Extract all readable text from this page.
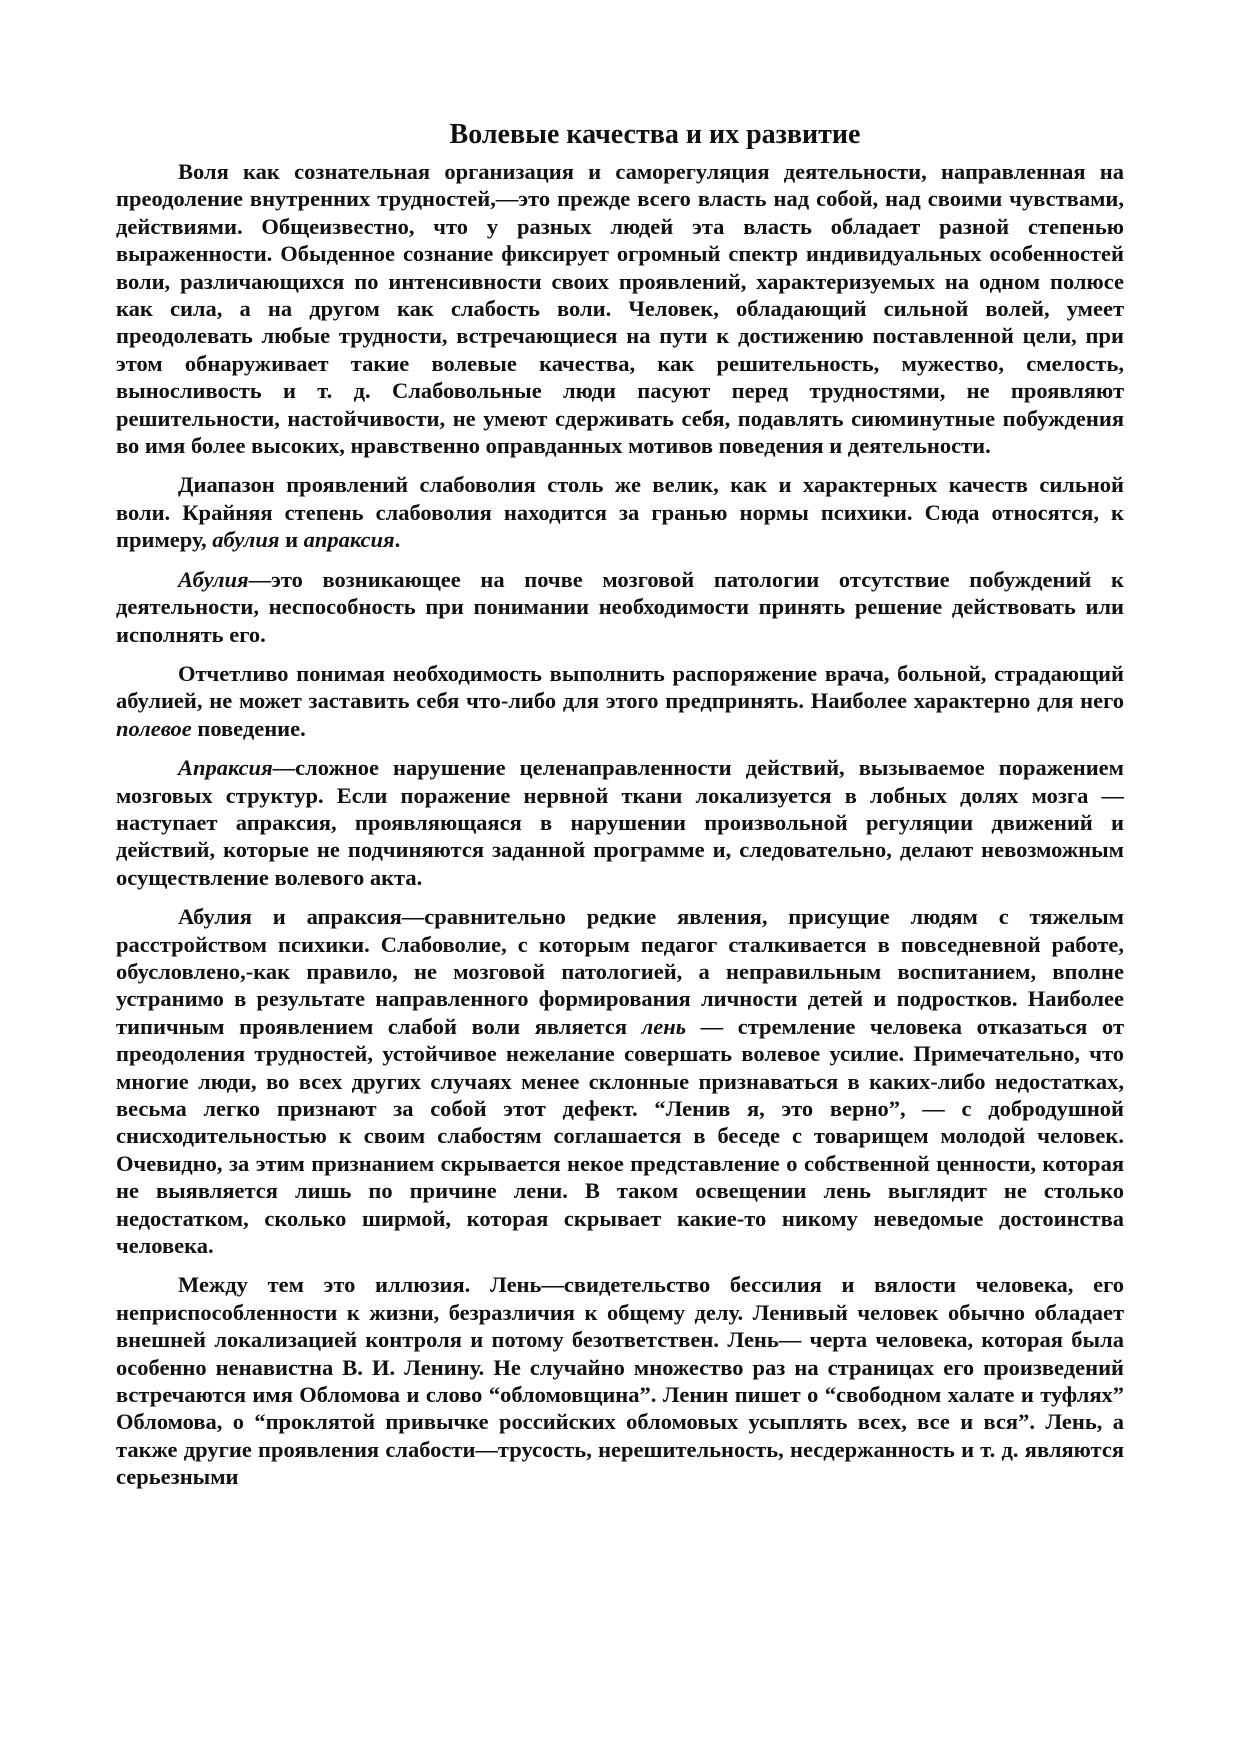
Волевые качества и их развитие

Воля как сознательная организация и саморегуляция деятельности, направленная на преодоление внутренних трудностей,—это прежде всего власть над собой, над своими чувствами, действиями. Общеизвестно, что у разных людей эта власть обладает разной степенью выраженности. Обыденное сознание фиксирует огромный спектр индивидуальных особенностей воли, различающихся по интенсивности своих проявлений, характеризуемых на одном полюсе как сила, а на другом как слабость воли. Человек, обладающий сильной волей, умеет преодолевать любые трудности, встречающиеся на пути к достижению поставленной цели, при этом обнаруживает такие волевые качества, как решительность, мужество, смелость, выносливость и т. д. Слабовольные люди пасуют перед трудностями, не проявляют решительности, настойчивости, не умеют сдерживать себя, подавлять сиюминутные побуждения во имя более высоких, нравственно оправданных мотивов поведения и деятельности.

Диапазон проявлений слабоволия столь же велик, как и характерных качеств сильной воли. Крайняя степень слабоволия находится за гранью нормы психики. Сюда относятся, к примеру, абулия и апраксия.

Абулия—это возникающее на почве мозговой патологии отсутствие побуждений к деятельности, неспособность при понимании необходимости принять решение действовать или исполнять его.

Отчетливо понимая необходимость выполнить распоряжение врача, больной, страдающий абулией, не может заставить себя что-либо для этого предпринять. Наиболее характерно для него полевое поведение.

Апраксия—сложное нарушение целенаправленности действий, вызываемое поражением мозговых структур. Если поражение нервной ткани локализуется в лобных долях мозга — наступает апраксия, проявляющаяся в нарушении произвольной регуляции движений и действий, которые не подчиняются заданной программе и, следовательно, делают невозможным осуществление волевого акта.

Абулия и апраксия—сравнительно редкие явления, присущие людям с тяжелым расстройством психики. Слабоволие, с которым педагог сталкивается в повседневной работе, обусловлено,-как правило, не мозговой патологией, а неправильным воспитанием, вполне устранимо в результате направленного формирования личности детей и подростков. Наиболее типичным проявлением слабой воли является лень — стремление человека отказаться от преодоления трудностей, устойчивое нежелание совершать волевое усилие. Примечательно, что многие люди, во всех других случаях менее склонные признаваться в каких-либо недостатках, весьма легко признают за собой этот дефект. “Ленив я, это верно”, — с добродушной снисходительностью к своим слабостям соглашается в беседе с товарищем молодой человек. Очевидно, за этим признанием скрывается некое представление о собственной ценности, которая не выявляется лишь по причине лени. В таком освещении лень выглядит не столько недостатком, сколько ширмой, которая скрывает какие-то никому неведомые достоинства человека.

Между тем это иллюзия. Лень—свидетельство бессилия и вялости человека, его неприспособленности к жизни, безразличия к общему делу. Ленивый человек обычно обладает внешней локализацией контроля и потому безответствен. Лень— черта человека, которая была особенно ненавистна В. И. Ленину. Не случайно множество раз на страницах его произведений встречаются имя Обломова и слово “обломовщина”. Ленин пишет о “свободном халате и туфлях” Обломова, о “проклятой привычке российских обломовых усыплять всех, все и вся”. Лень, а также другие проявления слабости—трусость, нерешительность, несдержанность и т. д. являются серьезными
